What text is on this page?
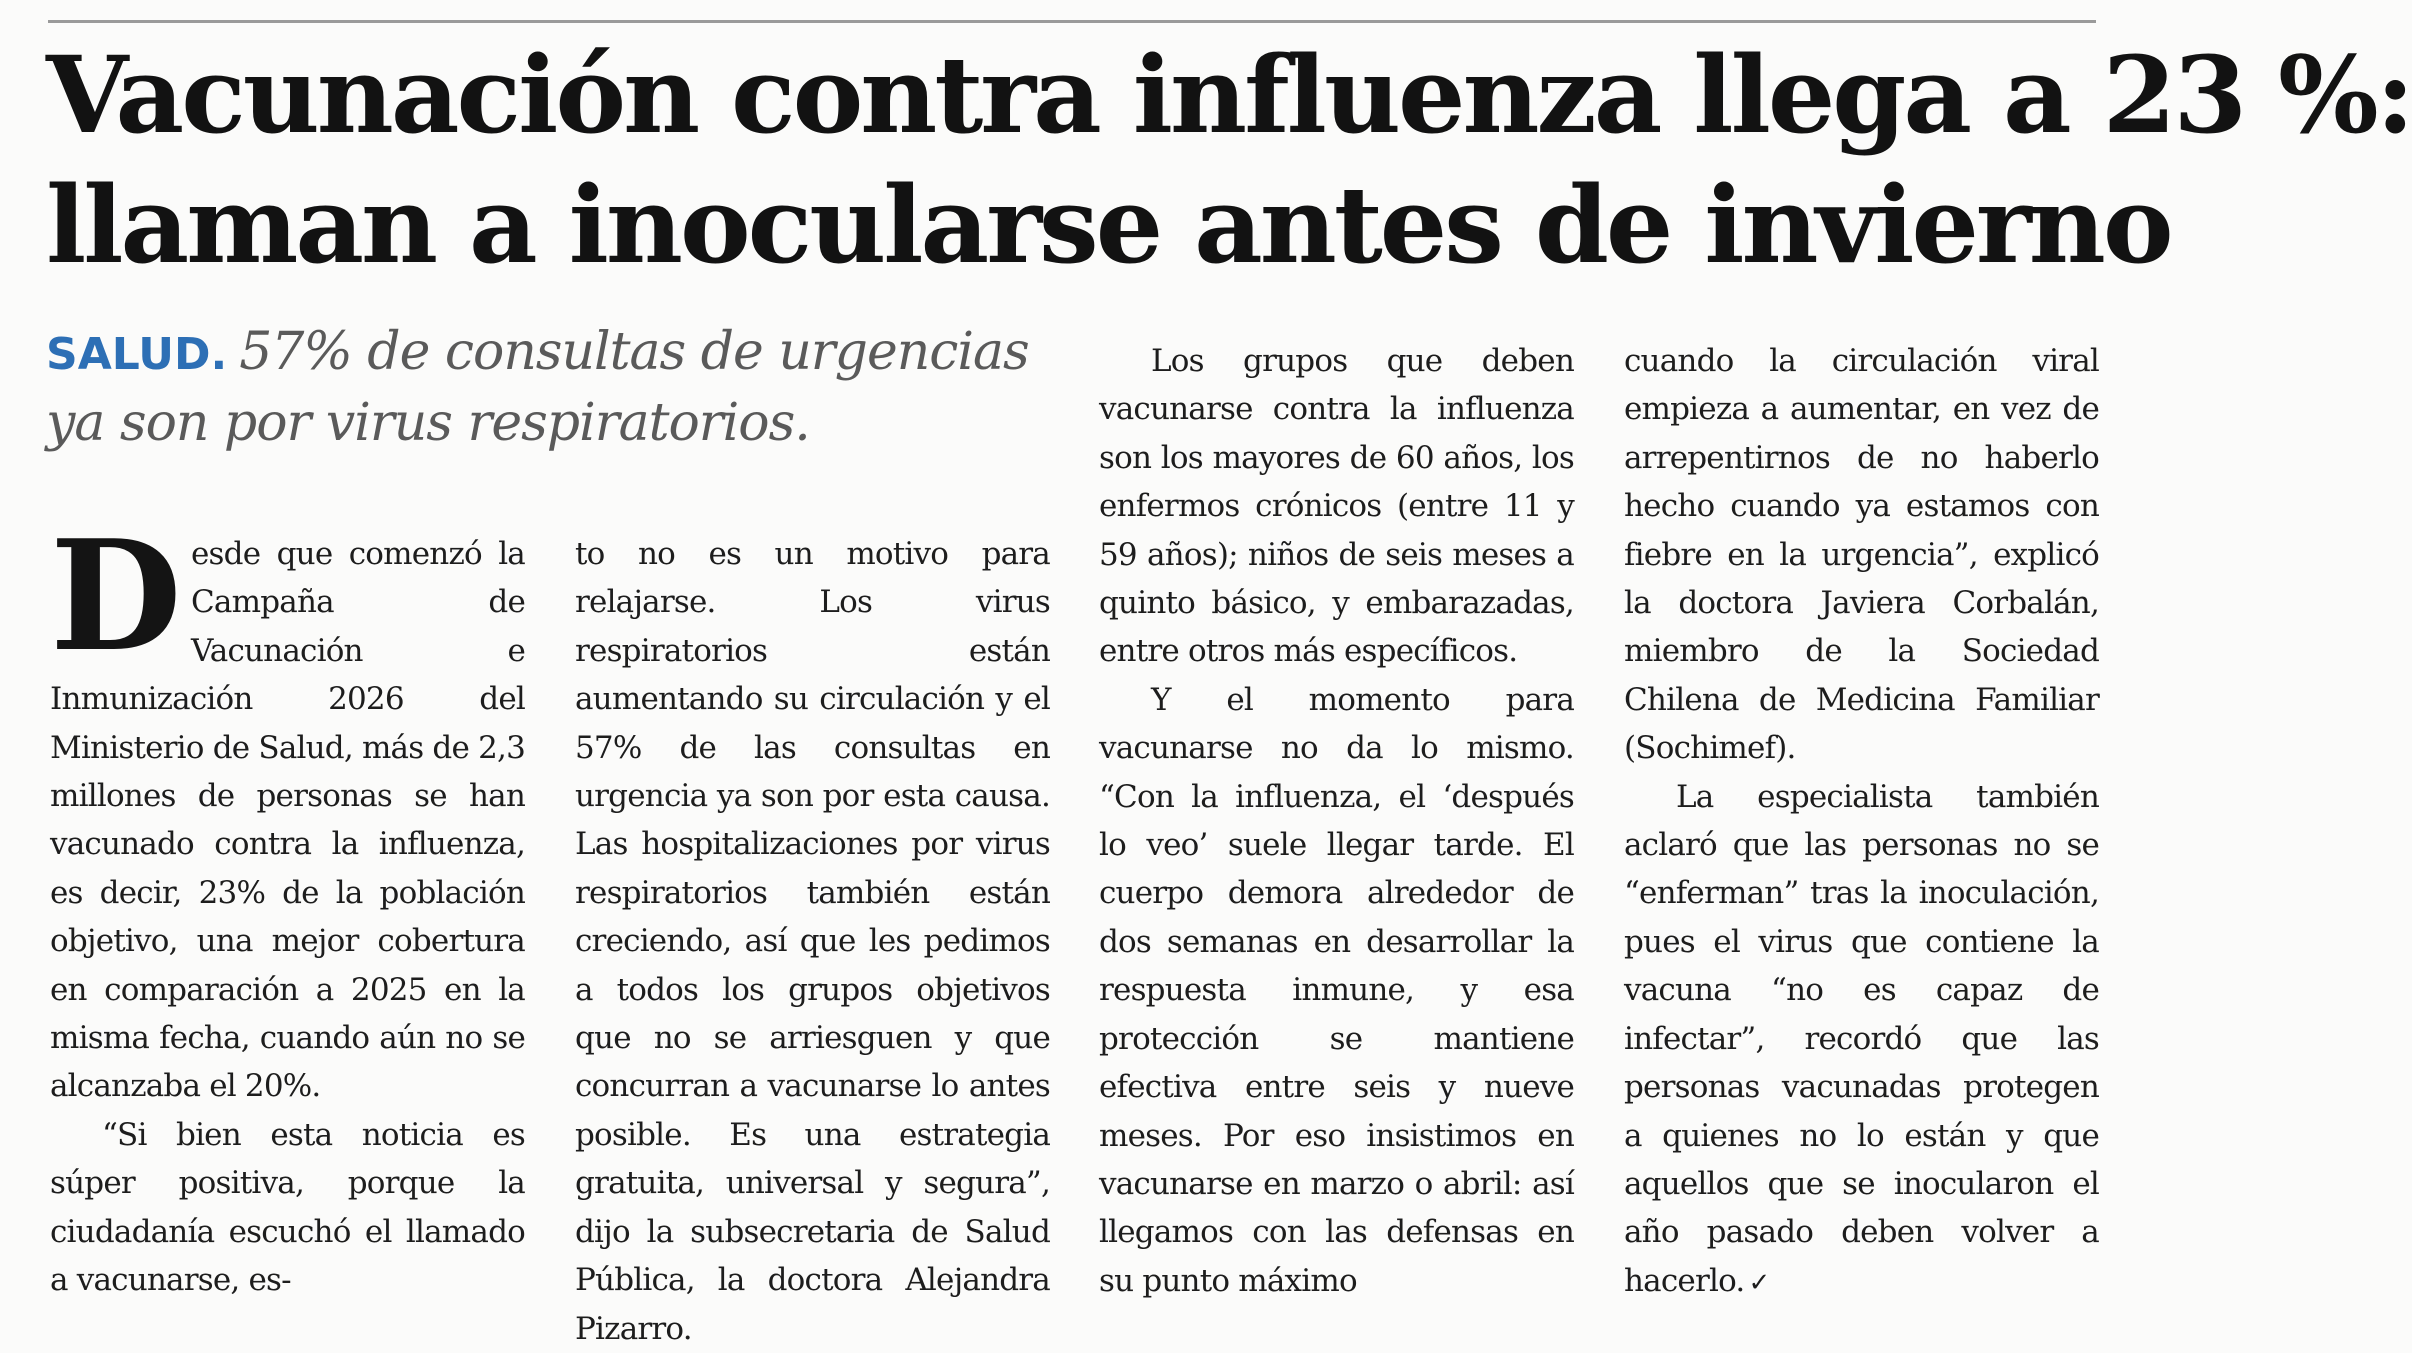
Vacunación contra influenza llega a 23 %:
llaman a inocularse antes de invierno
SALUD. 57% de consultas de urgencias ya son por virus respiratorios.

Desde que comenzó la Campaña de Vacunación e Inmunización 2026 del Ministerio de Salud, más de 2,3 millones de personas se han vacunado contra la influenza, es decir, 23% de la población objetivo, una mejor cobertura en comparación a 2025 en la misma fecha, cuando aún no se alcanzaba el 20%.

“Si bien esta noticia es súper positiva, porque la ciudadanía escuchó el llamado a vacunarse, es-

to no es un motivo para relajarse. Los virus respiratorios están aumentando su circulación y el 57% de las consultas en urgencia ya son por esta causa. Las hospitalizaciones por virus respiratorios también están creciendo, así que les pedimos a todos los grupos objetivos que no se arriesguen y que concurran a vacunarse lo antes posible. Es una estrategia gratuita, universal y segura”, dijo la subsecretaria de Salud Pública, la doctora Alejandra Pizarro.

Los grupos que deben vacunarse contra la influenza son los mayores de 60 años, los enfermos crónicos (entre 11 y 59 años); niños de seis meses a quinto básico, y embarazadas, entre otros más específicos.

Y el momento para vacunarse no da lo mismo. “Con la influenza, el ‘después lo veo’ suele llegar tarde. El cuerpo demora alrededor de dos semanas en desarrollar la respuesta inmune, y esa protección se mantiene efectiva entre seis y nueve meses. Por eso insistimos en vacunarse en marzo o abril: así llegamos con las defensas en su punto máximo

cuando la circulación viral empieza a aumentar, en vez de arrepentirnos de no haberlo hecho cuando ya estamos con fiebre en la urgencia”, explicó la doctora Javiera Corbalán, miembro de la Sociedad Chilena de Medicina Familiar (Sochimef).

La especialista también aclaró que las personas no se “enferman” tras la inoculación, pues el virus que contiene la vacuna “no es capaz de infectar”, recordó que las personas vacunadas protegen a quienes no lo están y que aquellos que se inocularon el año pasado deben volver a hacerlo. ✓
